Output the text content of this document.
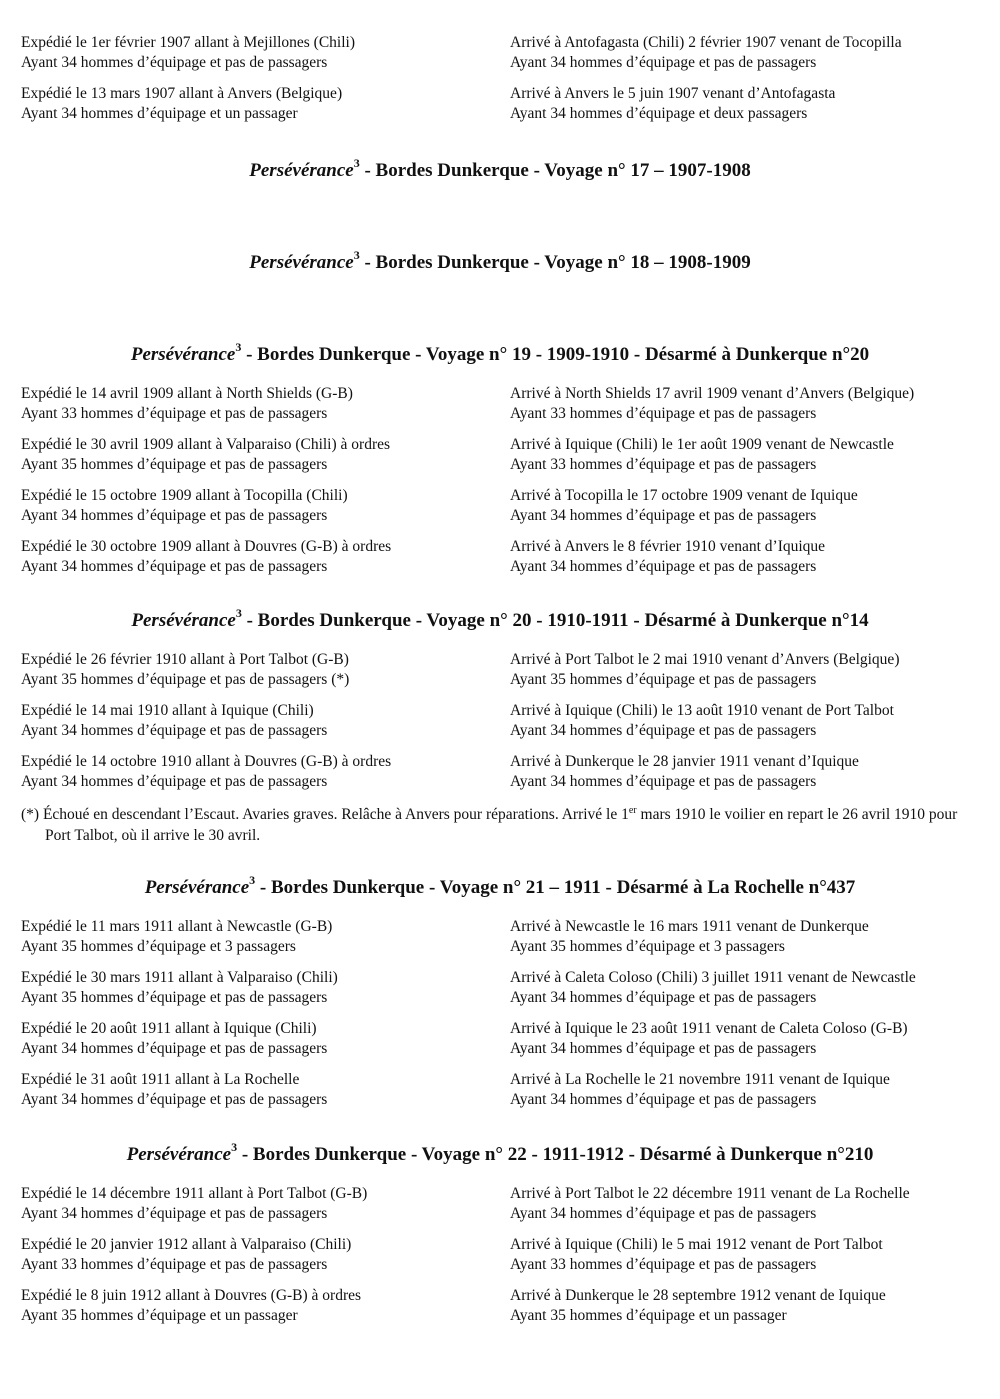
Expédié le 1er février 1907 allant à Mejillones (Chili)
Ayant 34 hommes d’équipage et pas de passagers
Arrivé à Antofagasta (Chili) 2 février 1907 venant de Tocopilla
Ayant 34 hommes d’équipage et pas de passagers
Expédié le 13 mars 1907 allant à Anvers (Belgique)
Ayant 34 hommes d’équipage et un passager
Arrivé à Anvers le 5 juin 1907 venant d’Antofagasta
Ayant 34 hommes d’équipage et deux passagers
Persévérance$^3$ - Bordes Dunkerque - Voyage n° 17 – 1907-1908
Persévérance$^3$ - Bordes Dunkerque - Voyage n° 18 – 1908-1909
Persévérance$^3$ - Bordes Dunkerque - Voyage n° 19 - 1909-1910 - Désarmé à Dunkerque n°20
Expédié le 14 avril 1909 allant à North Shields (G-B)
Ayant 33 hommes d’équipage et pas de passagers
Arrivé à North Shields 17 avril 1909 venant d’Anvers (Belgique)
Ayant 33 hommes d’équipage et pas de passagers
Expédié le 30 avril 1909 allant à Valparaiso (Chili) à ordres
Ayant 35 hommes d’équipage et pas de passagers
Arrivé à Iquique (Chili) le 1er août 1909 venant de Newcastle
Ayant 33 hommes d’équipage et pas de passagers
Expédié le 15 octobre 1909 allant à Tocopilla (Chili)
Ayant 34 hommes d’équipage et pas de passagers
Arrivé à Tocopilla le 17 octobre 1909 venant de Iquique
Ayant 34 hommes d’équipage et pas de passagers
Expédié le 30 octobre 1909 allant à Douvres (G-B) à ordres
Ayant 34 hommes d’équipage et pas de passagers
Arrivé à Anvers le 8 février 1910 venant d’Iquique
Ayant 34 hommes d’équipage et pas de passagers
Persévérance$^3$ - Bordes Dunkerque - Voyage n° 20 - 1910-1911 - Désarmé à Dunkerque n°14
Expédié le 26 février 1910 allant à Port Talbot (G-B)
Ayant 35 hommes d’équipage et pas de passagers (*)
Arrivé à Port Talbot le 2 mai 1910 venant d’Anvers (Belgique)
Ayant 35 hommes d’équipage et pas de passagers
Expédié le 14 mai 1910 allant à Iquique (Chili)
Ayant 34 hommes d’équipage et pas de passagers
Arrivé à Iquique (Chili) le 13 août 1910 venant de Port Talbot
Ayant 34 hommes d’équipage et pas de passagers
Expédié le 14 octobre 1910 allant à Douvres (G-B) à ordres
Ayant 34 hommes d’équipage et pas de passagers
Arrivé à Dunkerque le 28 janvier 1911 venant d’Iquique
Ayant 34 hommes d’équipage et pas de passagers
Persévérance$^3$ - Bordes Dunkerque - Voyage n° 21 – 1911 - Désarmé à La Rochelle n°437
Expédié le 11 mars 1911 allant à Newcastle (G-B)
Ayant 35 hommes d’équipage et 3 passagers
Arrivé à Newcastle le 16 mars 1911 venant de Dunkerque
Ayant 35 hommes d’équipage et 3 passagers
Expédié le 30 mars 1911 allant à Valparaiso (Chili)
Ayant 35 hommes d’équipage et pas de passagers
Arrivé à Caleta Coloso (Chili) 3 juillet 1911 venant de Newcastle
Ayant 34 hommes d’équipage et pas de passagers
Expédié le 20 août 1911 allant à Iquique (Chili)
Ayant 34 hommes d’équipage et pas de passagers
Arrivé à Iquique le 23 août 1911 venant de Caleta Coloso (G-B)
Ayant 34 hommes d’équipage et pas de passagers
Expédié le 31 août 1911 allant à La Rochelle
Ayant 34 hommes d’équipage et pas de passagers
Arrivé à La Rochelle le 21 novembre 1911 venant de Iquique
Ayant 34 hommes d’équipage et pas de passagers
Persévérance$^3$ - Bordes Dunkerque - Voyage n° 22 - 1911-1912 - Désarmé à Dunkerque n°210
Expédié le 14 décembre 1911 allant à Port Talbot (G-B)
Ayant 34 hommes d’équipage et pas de passagers
Arrivé à Port Talbot le 22 décembre 1911 venant de La Rochelle
Ayant 34 hommes d’équipage et pas de passagers
Expédié le 20 janvier 1912 allant à Valparaiso (Chili)
Ayant 33 hommes d’équipage et pas de passagers
Arrivé à Iquique (Chili) le 5 mai 1912 venant de Port Talbot
Ayant 33 hommes d’équipage et pas de passagers
Expédié le 8 juin 1912 allant à Douvres (G-B) à ordres
Ayant 35 hommes d’équipage et un passager
Arrivé à Dunkerque le 28 septembre 1912 venant de Iquique
Ayant 35 hommes d’équipage et un passager
(*) Échoué en descendant l’Escaut. Avaries graves. Relâche à Anvers pour réparations. Arrivé le 1er mars 1910 le voilier en repart le 26 avril 1910 pour Port Talbot, où il arrive le 30 avril.
